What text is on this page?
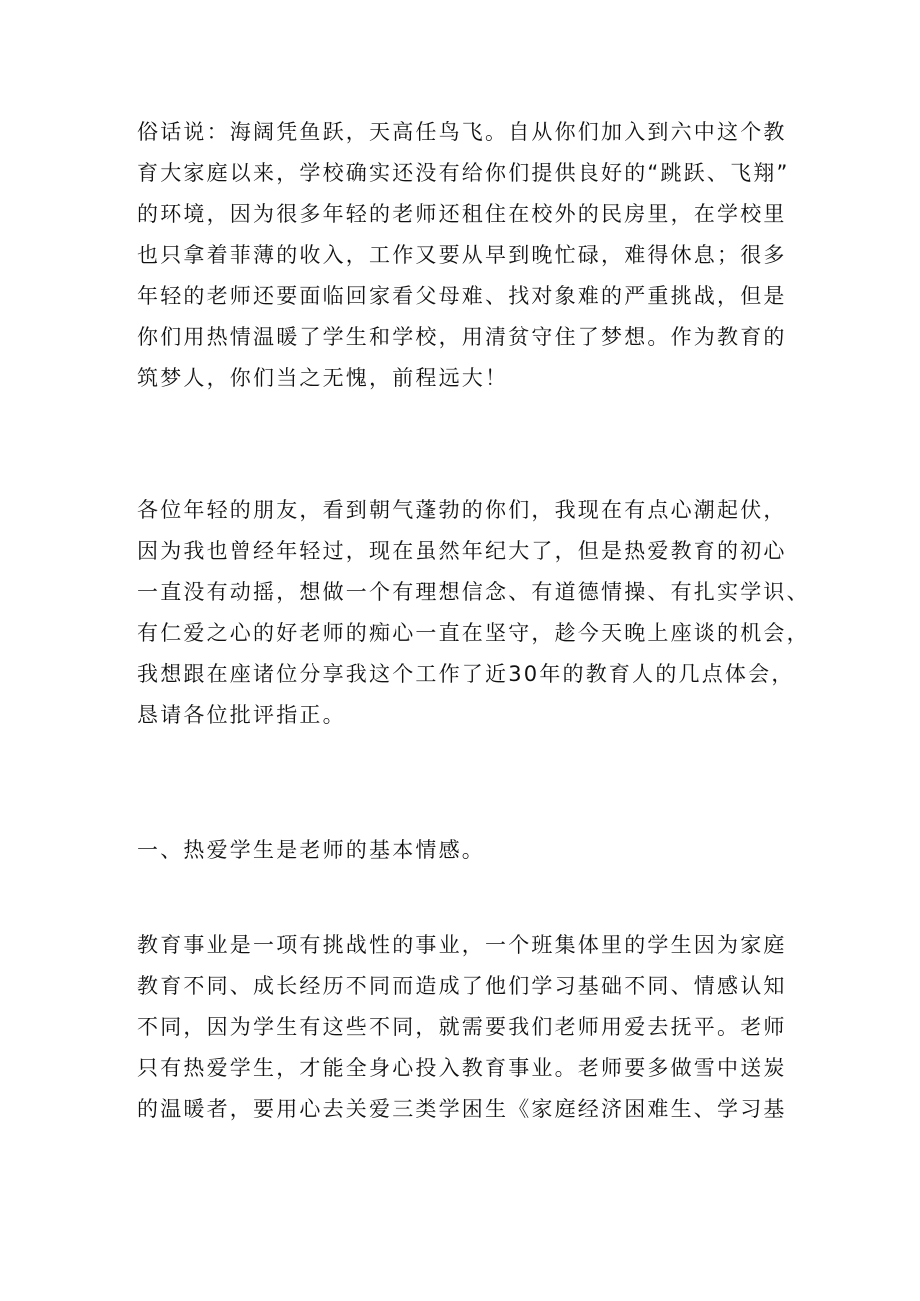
俗话说：海阔凭鱼跃，天高任鸟飞。自从你们加入到六中这个教
育大家庭以来，学校确实还没有给你们提供良好的“跳跃、飞翔”
的环境，因为很多年轻的老师还租住在校外的民房里，在学校里
也只拿着菲薄的收入，工作又要从早到晚忙碌，难得休息；很多
年轻的老师还要面临回家看父母难、找对象难的严重挑战，但是
你们用热情温暖了学生和学校，用清贫守住了梦想。作为教育的
筑梦人，你们当之无愧，前程远大！
各位年轻的朋友，看到朝气蓬勃的你们，我现在有点心潮起伏，
因为我也曾经年轻过，现在虽然年纪大了，但是热爱教育的初心
一直没有动摇，想做一个有理想信念、有道德情操、有扎实学识、
有仁爱之心的好老师的痴心一直在坚守，趁今天晚上座谈的机会，
我想跟在座诸位分享我这个工作了近30年的教育人的几点体会，
恳请各位批评指正。
一、热爱学生是老师的基本情感。
教育事业是一项有挑战性的事业，一个班集体里的学生因为家庭
教育不同、成长经历不同而造成了他们学习基础不同、情感认知
不同，因为学生有这些不同，就需要我们老师用爱去抚平。老师
只有热爱学生，才能全身心投入教育事业。老师要多做雪中送炭
的温暖者，要用心去关爱三类学困生《家庭经济困难生、学习基
